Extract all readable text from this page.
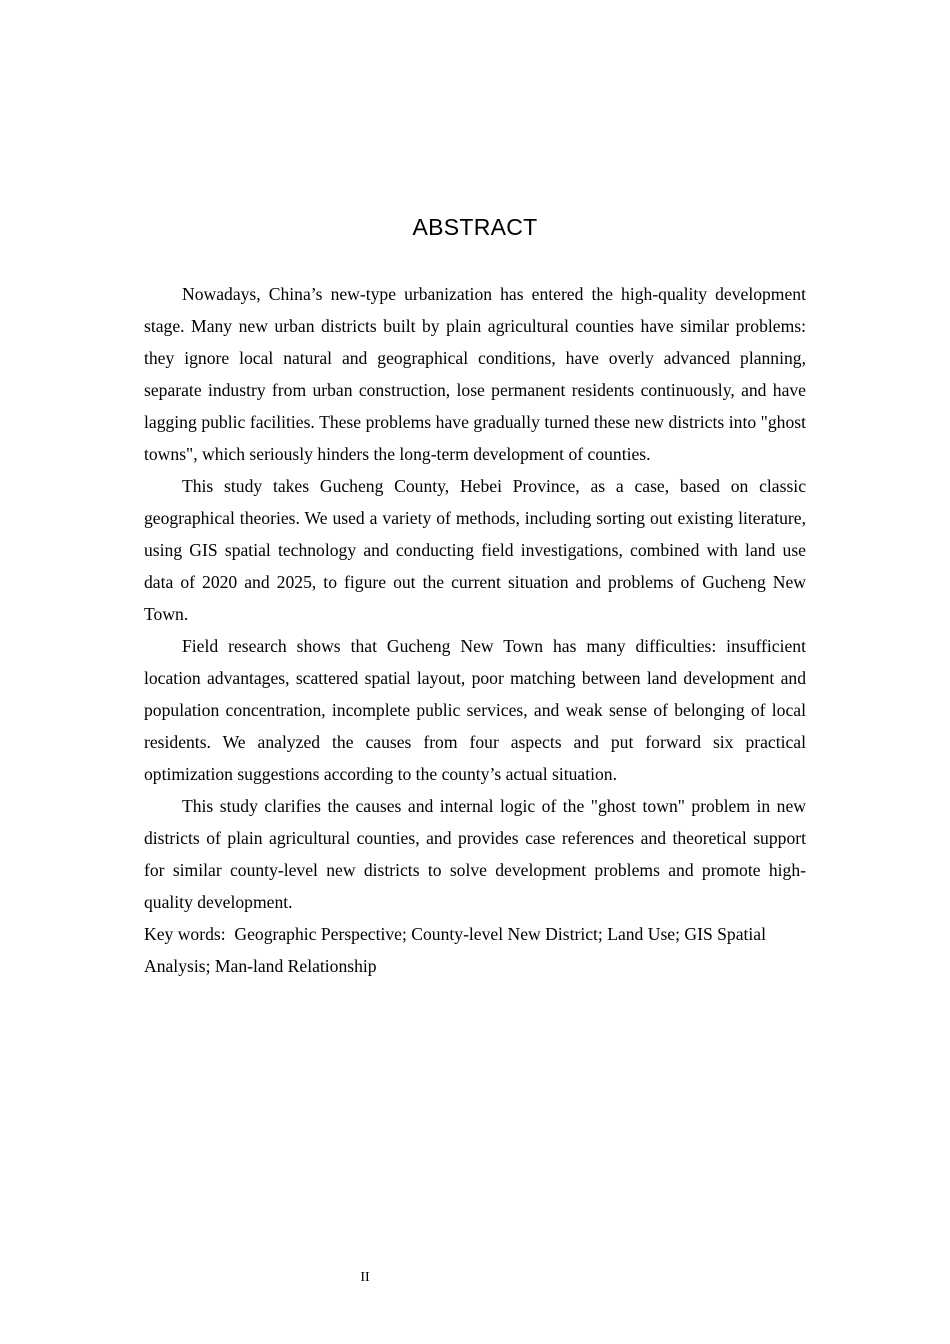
ABSTRACT

Nowadays, China’s new-type urbanization has entered the high-quality development stage. Many new urban districts built by plain agricultural counties have similar problems: they ignore local natural and geographical conditions, have overly advanced planning, separate industry from urban construction, lose permanent residents continuously, and have lagging public facilities. These problems have gradually turned these new districts into "ghost towns", which seriously hinders the long-term development of counties.

This study takes Gucheng County, Hebei Province, as a case, based on classic geographical theories. We used a variety of methods, including sorting out existing literature, using GIS spatial technology and conducting field investigations, combined with land use data of 2020 and 2025, to figure out the current situation and problems of Gucheng New Town.

Field research shows that Gucheng New Town has many difficulties: insufficient location advantages, scattered spatial layout, poor matching between land development and population concentration, incomplete public services, and weak sense of belonging of local residents. We analyzed the causes from four aspects and put forward six practical optimization suggestions according to the county’s actual situation.

This study clarifies the causes and internal logic of the "ghost town" problem in new districts of plain agricultural counties, and provides case references and theoretical support for similar county-level new districts to solve development problems and promote high-quality development.

Key words:  Geographic Perspective; County-level New District; Land Use; GIS Spatial Analysis; Man-land Relationship
II
